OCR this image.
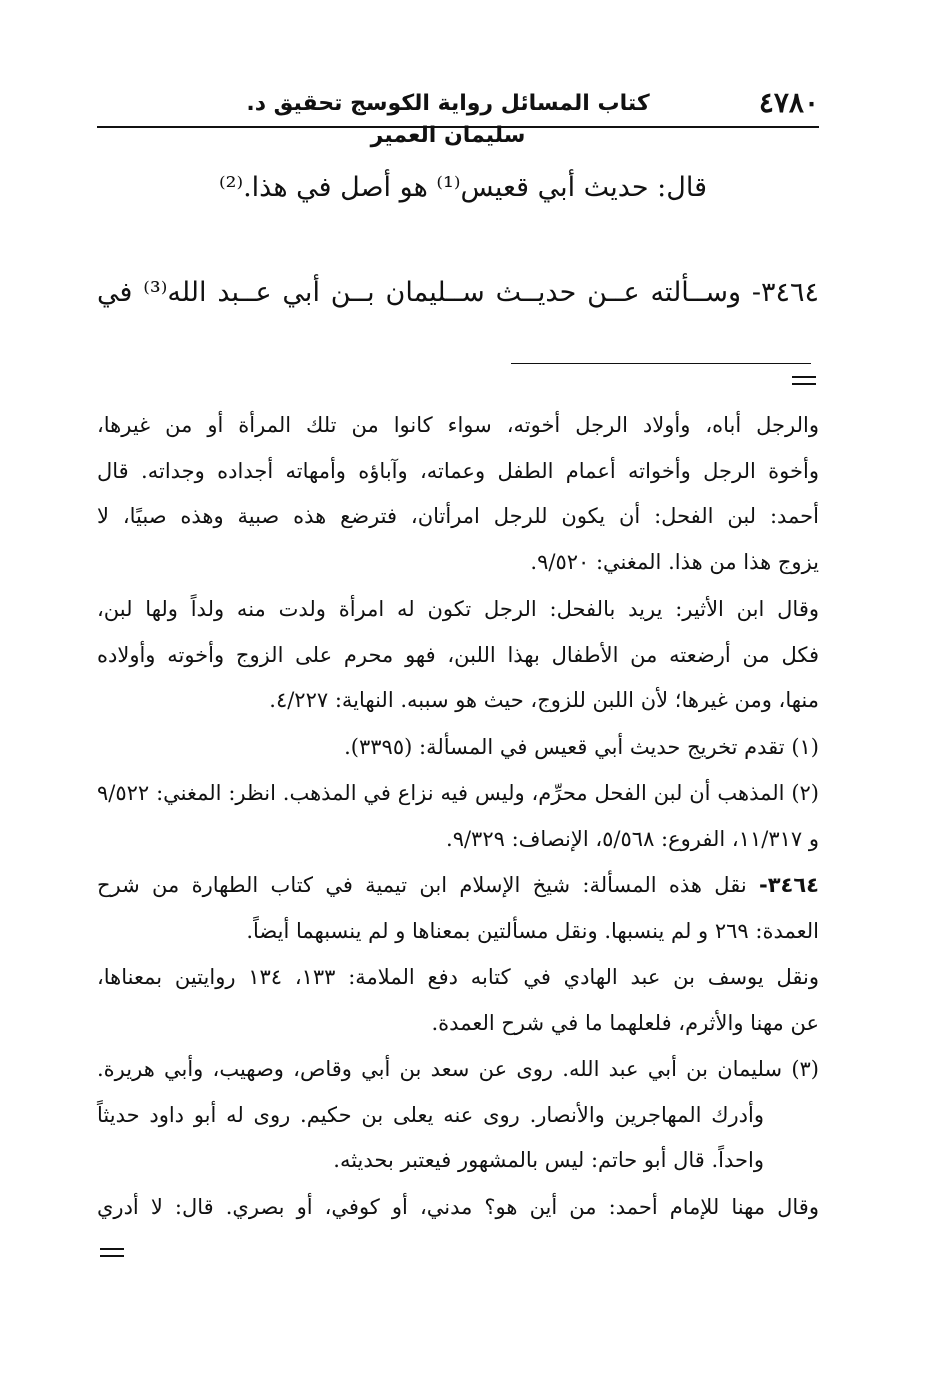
٤٧٨٠
كتاب المسائل رواية الكوسج تحقيق د. سليمان العمير
قال: حديث أبي قعيس⁽¹⁾ هو أصل في هذا.⁽²⁾
٣٤٦٤- وســألته عــن حديــث ســليمان بــن أبي عــبد الله⁽³⁾ في
والرجل أباه، وأولاد الرجل أخوته، سواء كانوا من تلك المرأة أو من غيرها،
وأخوة الرجل وأخواته أعمام الطفل وعماته، وآباؤه وأمهاته أجداده وجداته. قال
أحمد: لبن الفحل: أن يكون للرجل امرأتان، فترضع هذه صبية وهذه صبيًا، لا
يزوج هذا من هذا. المغني: ٩/٥٢٠.
وقال ابن الأثير: يريد بالفحل: الرجل تكون له امرأة ولدت منه ولداً ولها لبن،
فكل من أرضعته من الأطفال بهذا اللبن، فهو محرم على الزوج وأخوته وأولاده
منها، ومن غيرها؛ لأن اللبن للزوج، حيث هو سببه. النهاية: ٤/٢٢٧.
(١) تقدم تخريج حديث أبي قعيس في المسألة: (٣٣٩٥).
(٢) المذهب أن لبن الفحل محرِّم، وليس فيه نزاع في المذهب. انظر: المغني: ٩/٥٢٢
و ١١/٣١٧، الفروع: ٥/٥٦٨، الإنصاف: ٩/٣٢٩.
٣٤٦٤- نقل هذه المسألة: شيخ الإسلام ابن تيمية في كتاب الطهارة من شرح
العمدة: ٢٦٩ و لم ينسبها. ونقل مسألتين بمعناها و لم ينسبهما أيضاً.
ونقل يوسف بن عبد الهادي في كتابه دفع الملامة: ١٣٣، ١٣٤ روايتين بمعناها،
عن مهنا والأثرم، فلعلهما ما في شرح العمدة.
(٣) سليمان بن أبي عبد الله. روى عن سعد بن أبي وقاص، وصهيب، وأبي هريرة.
وأدرك المهاجرين والأنصار. روى عنه يعلى بن حكيم. روى له أبو داود حديثاً
واحداً. قال أبو حاتم: ليس بالمشهور فيعتبر بحديثه.
وقال مهنا للإمام أحمد: من أين هو؟ مدني، أو كوفي، أو بصري. قال: لا أدري
